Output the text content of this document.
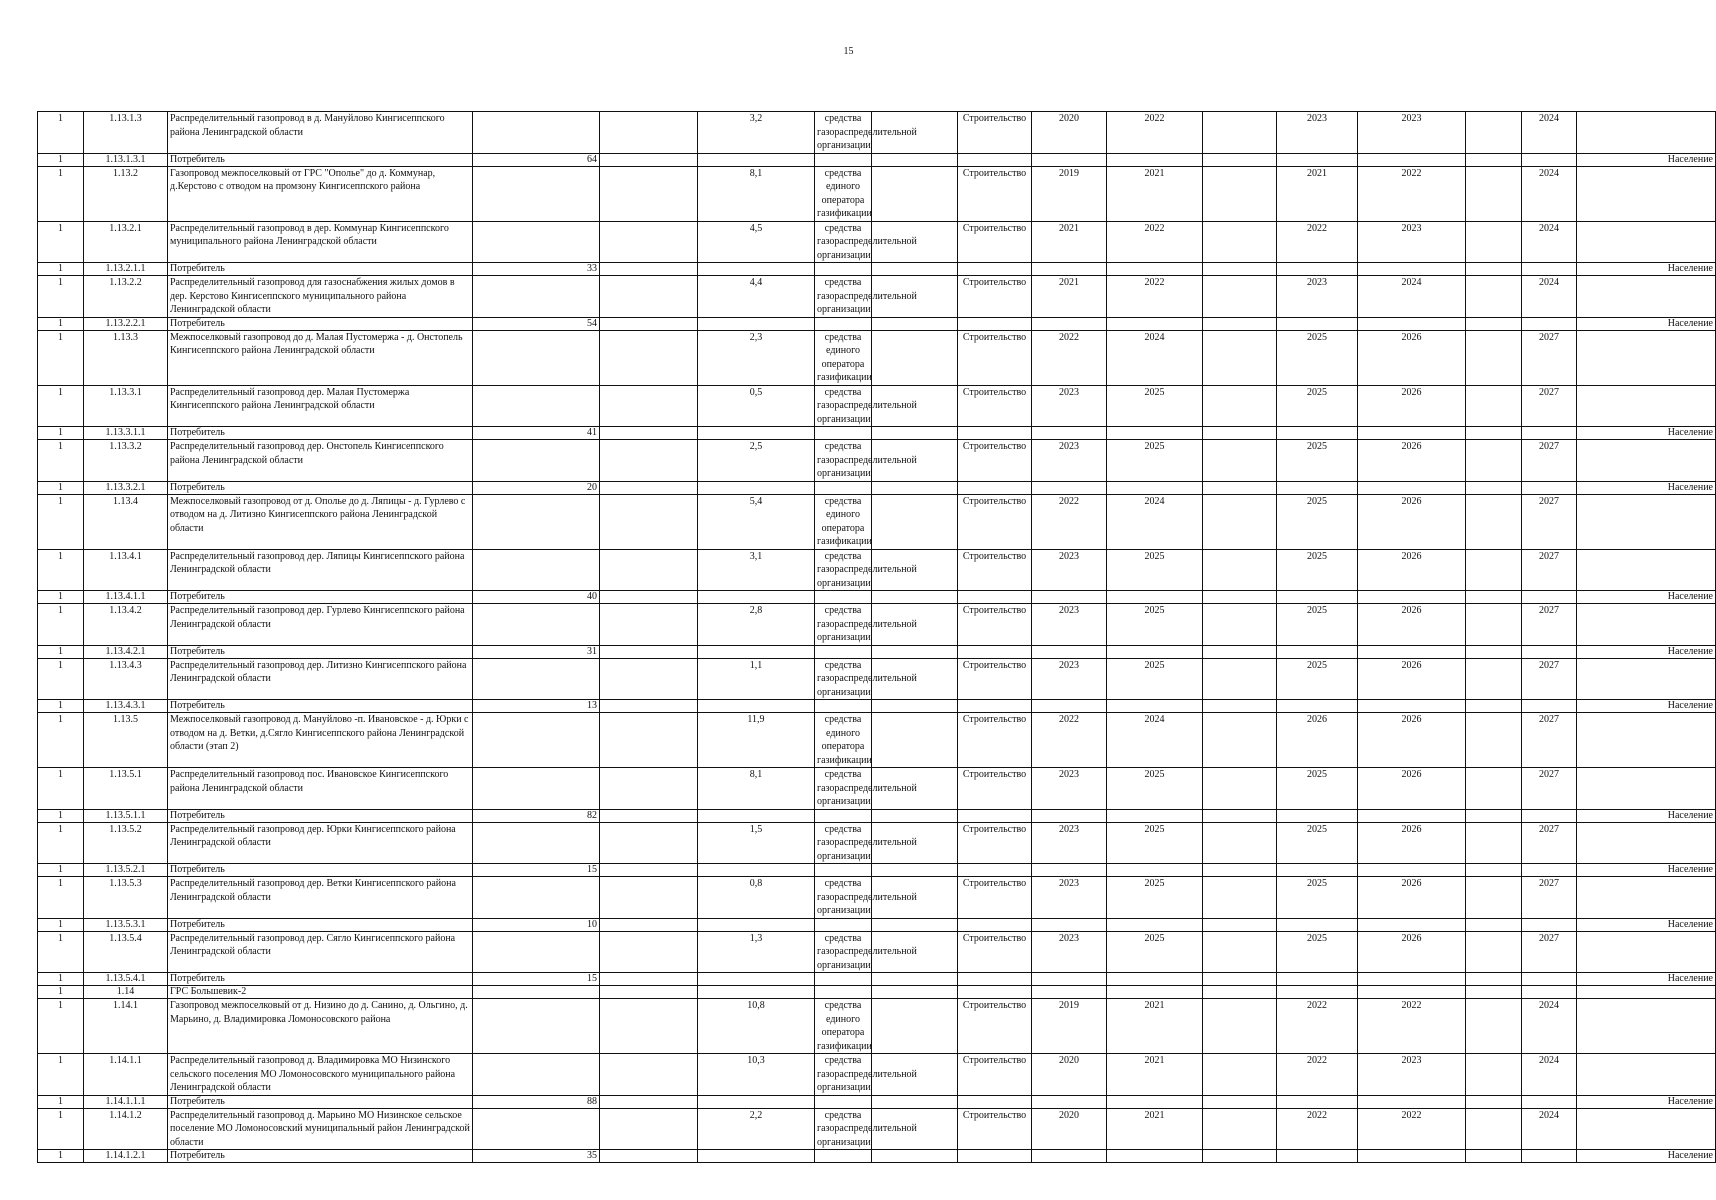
15
1	1.13.1.3	Распределительный газопровод в д. Мануйлово Кингисеппского района Ленинградской области			3,2	средства газораспределительной организации		Строительство	2020	2022		2023	2023		2024	
1	1.13.1.3.1	Потребитель	64													Население
1	1.13.2	Газопровод межпоселковый от ГРС "Ополье" до д. Коммунар, д.Керстово с отводом на промзону Кингисеппского района			8,1	средства единого оператора газификации		Строительство	2019	2021		2021	2022		2024	
1	1.13.2.1	Распределительный газопровод в дер. Коммунар Кингисеппского муниципального района Ленинградской области			4,5	средства газораспределительной организации		Строительство	2021	2022		2022	2023		2024	
1	1.13.2.1.1	Потребитель	33													Население
1	1.13.2.2	Распределительный газопровод для газоснабжения жилых домов в дер. Керстово Кингисеппского муниципального района Ленинградской области			4,4	средства газораспределительной организации		Строительство	2021	2022		2023	2024		2024	
1	1.13.2.2.1	Потребитель	54													Население
1	1.13.3	Межпоселковый газопровод до д. Малая Пустомержа - д. Онстопель Кингисеппского района Ленинградской области			2,3	средства единого оператора газификации		Строительство	2022	2024		2025	2026		2027	
1	1.13.3.1	Распределительный газопровод дер. Малая Пустомержа Кингисеппского района Ленинградской области			0,5	средства газораспределительной организации		Строительство	2023	2025		2025	2026		2027	
1	1.13.3.1.1	Потребитель	41													Население
1	1.13.3.2	Распределительный газопровод дер. Онстопель Кингисеппского района Ленинградской области			2,5	средства газораспределительной организации		Строительство	2023	2025		2025	2026		2027	
1	1.13.3.2.1	Потребитель	20													Население
1	1.13.4	Межпоселковый газопровод от д. Ополье до д. Ляпицы - д. Гурлево с отводом на д. Литизно Кингисеппского района Ленинградской области			5,4	средства единого оператора газификации		Строительство	2022	2024		2025	2026		2027	
1	1.13.4.1	Распределительный газопровод дер. Ляпицы Кингисеппского района Ленинградской области			3,1	средства газораспределительной организации		Строительство	2023	2025		2025	2026		2027	
1	1.13.4.1.1	Потребитель	40													Население
1	1.13.4.2	Распределительный газопровод дер. Гурлево Кингисеппского района Ленинградской области			2,8	средства газораспределительной организации		Строительство	2023	2025		2025	2026		2027	
1	1.13.4.2.1	Потребитель	31													Население
1	1.13.4.3	Распределительный газопровод дер. Литизно Кингисеппского района Ленинградской области			1,1	средства газораспределительной организации		Строительство	2023	2025		2025	2026		2027	
1	1.13.4.3.1	Потребитель	13													Население
1	1.13.5	Межпоселковый газопровод д. Мануйлово -п. Ивановское - д. Юрки с отводом на д. Ветки, д.Сягло Кингисеппского района Ленинградской области (этап 2)			11,9	средства единого оператора газификации		Строительство	2022	2024		2026	2026		2027	
1	1.13.5.1	Распределительный газопровод пос. Ивановское Кингисеппского района Ленинградской области			8,1	средства газораспределительной организации		Строительство	2023	2025		2025	2026		2027	
1	1.13.5.1.1	Потребитель	82													Население
1	1.13.5.2	Распределительный газопровод дер. Юрки Кингисеппского района Ленинградской области			1,5	средства газораспределительной организации		Строительство	2023	2025		2025	2026		2027	
1	1.13.5.2.1	Потребитель	15													Население
1	1.13.5.3	Распределительный газопровод дер. Ветки Кингисеппского района Ленинградской области			0,8	средства газораспределительной организации		Строительство	2023	2025		2025	2026		2027	
1	1.13.5.3.1	Потребитель	10													Население
1	1.13.5.4	Распределительный газопровод дер. Сягло Кингисеппского района Ленинградской области			1,3	средства газораспределительной организации		Строительство	2023	2025		2025	2026		2027	
1	1.13.5.4.1	Потребитель	15													Население
1	1.14	ГРС Большевик-2														
1	1.14.1	Газопровод межпоселковый от д. Низино до д. Санино, д. Ольгино, д. Марьино, д. Владимировка Ломоносовского района			10,8	средства единого оператора газификации		Строительство	2019	2021		2022	2022		2024	
1	1.14.1.1	Распределительный газопровод д. Владимировка МО Низинского сельского поселения МО Ломоносовского муниципального района Ленинградской области			10,3	средства газораспределительной организации		Строительство	2020	2021		2022	2023		2024	
1	1.14.1.1.1	Потребитель	88													Население
1	1.14.1.2	Распределительный газопровод д. Марьино МО Низинское сельское поселение МО Ломоносовский муниципальный район Ленинградской области			2,2	средства газораспределительной организации		Строительство	2020	2021		2022	2022		2024	
1	1.14.1.2.1	Потребитель	35													Население
